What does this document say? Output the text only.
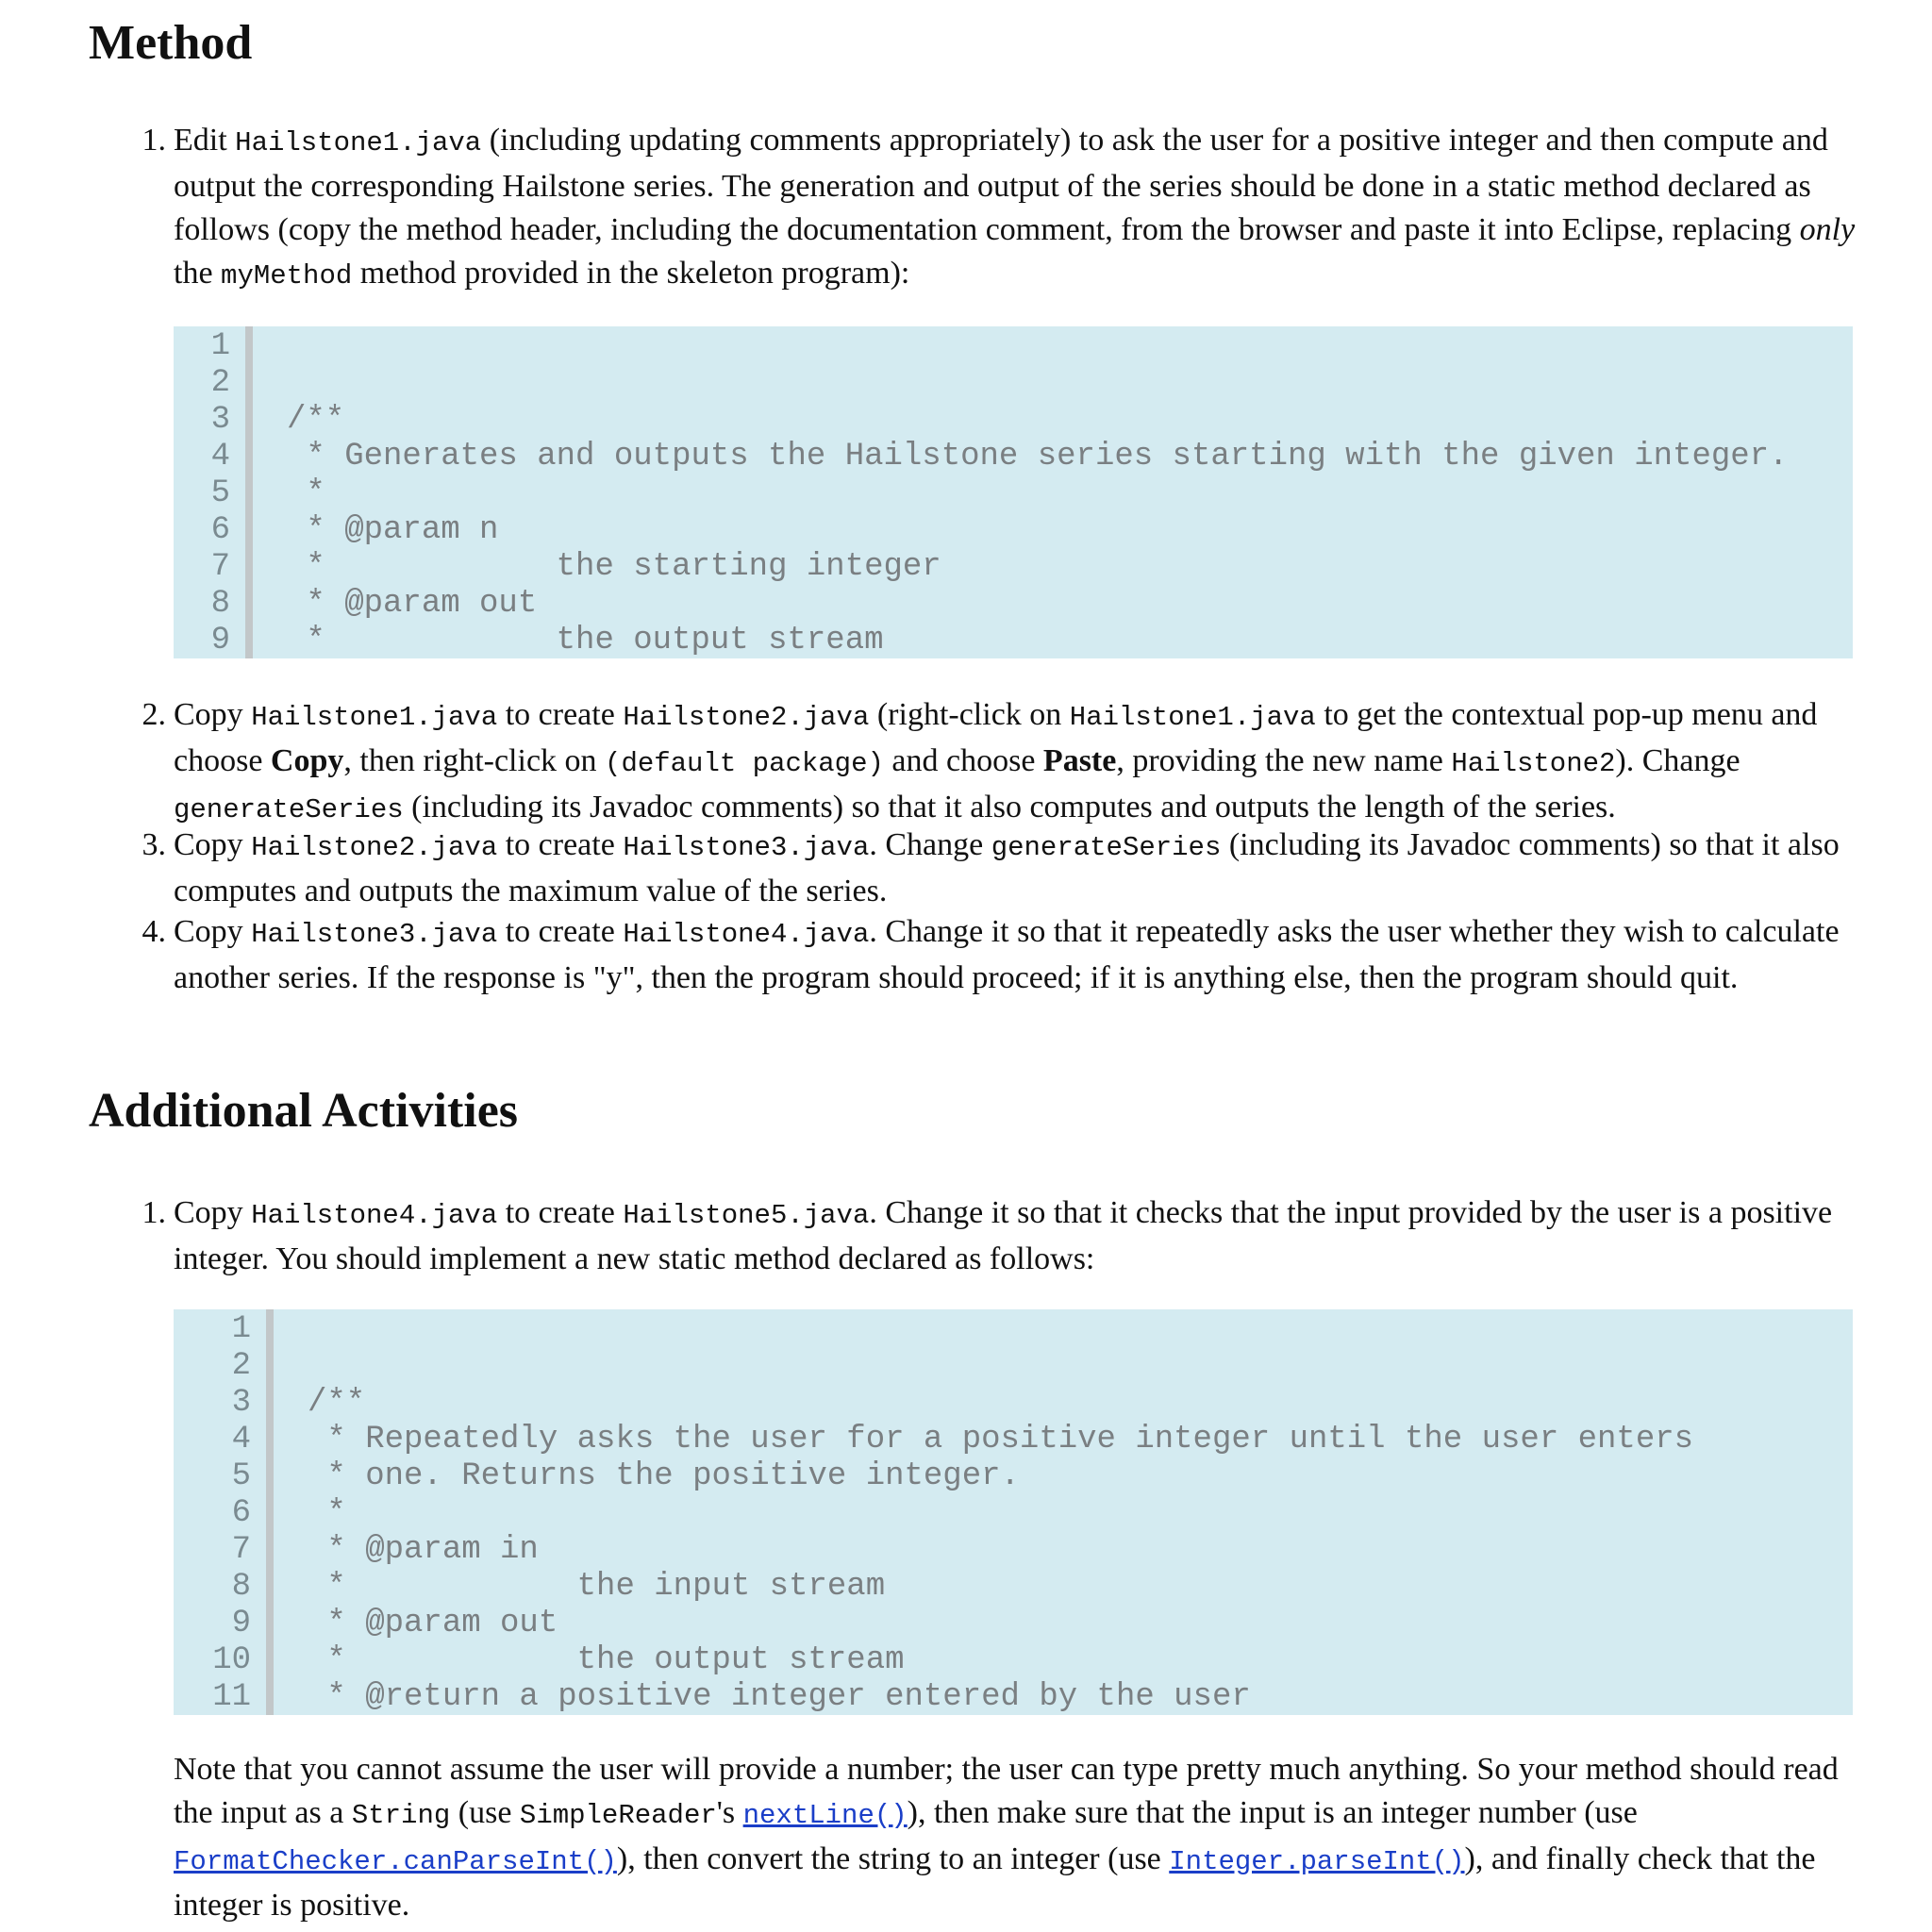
Method

1. Edit Hailstone1.java (including updating comments appropriately) to ask the user for a positive integer and then compute and output the corresponding Hailstone series. The generation and output of the series should be done in a static method declared as follows (copy the method header, including the documentation comment, from the browser and paste it into Eclipse, replacing only the myMethod method provided in the skeleton program):

1
2
3
4
5
6
7
8
9

/**
* Generates and outputs the Hailstone series starting with the given integer.
*
* @param n
*            the starting integer
* @param out
*            the output stream

2. Copy Hailstone1.java to create Hailstone2.java (right-click on Hailstone1.java to get the contextual pop-up menu and choose Copy, then right-click on (default package) and choose Paste, providing the new name Hailstone2). Change generateSeries (including its Javadoc comments) so that it also computes and outputs the length of the series.

3. Copy Hailstone2.java to create Hailstone3.java. Change generateSeries (including its Javadoc comments) so that it also computes and outputs the maximum value of the series.

4. Copy Hailstone3.java to create Hailstone4.java. Change it so that it repeatedly asks the user whether they wish to calculate another series. If the response is "y", then the program should proceed; if it is anything else, then the program should quit.

Additional Activities

1. Copy Hailstone4.java to create Hailstone5.java. Change it so that it checks that the input provided by the user is a positive integer. You should implement a new static method declared as follows:

1
2
3
4
5
6
7
8
9
10
11

/**
* Repeatedly asks the user for a positive integer until the user enters
* one. Returns the positive integer.
*
* @param in
*            the input stream
* @param out
*            the output stream
* @return a positive integer entered by the user

Note that you cannot assume the user will provide a number; the user can type pretty much anything. So your method should read the input as a String (use SimpleReader's nextLine()), then make sure that the input is an integer number (use FormatChecker.canParseInt()), then convert the string to an integer (use Integer.parseInt()), and finally check that the integer is positive.
